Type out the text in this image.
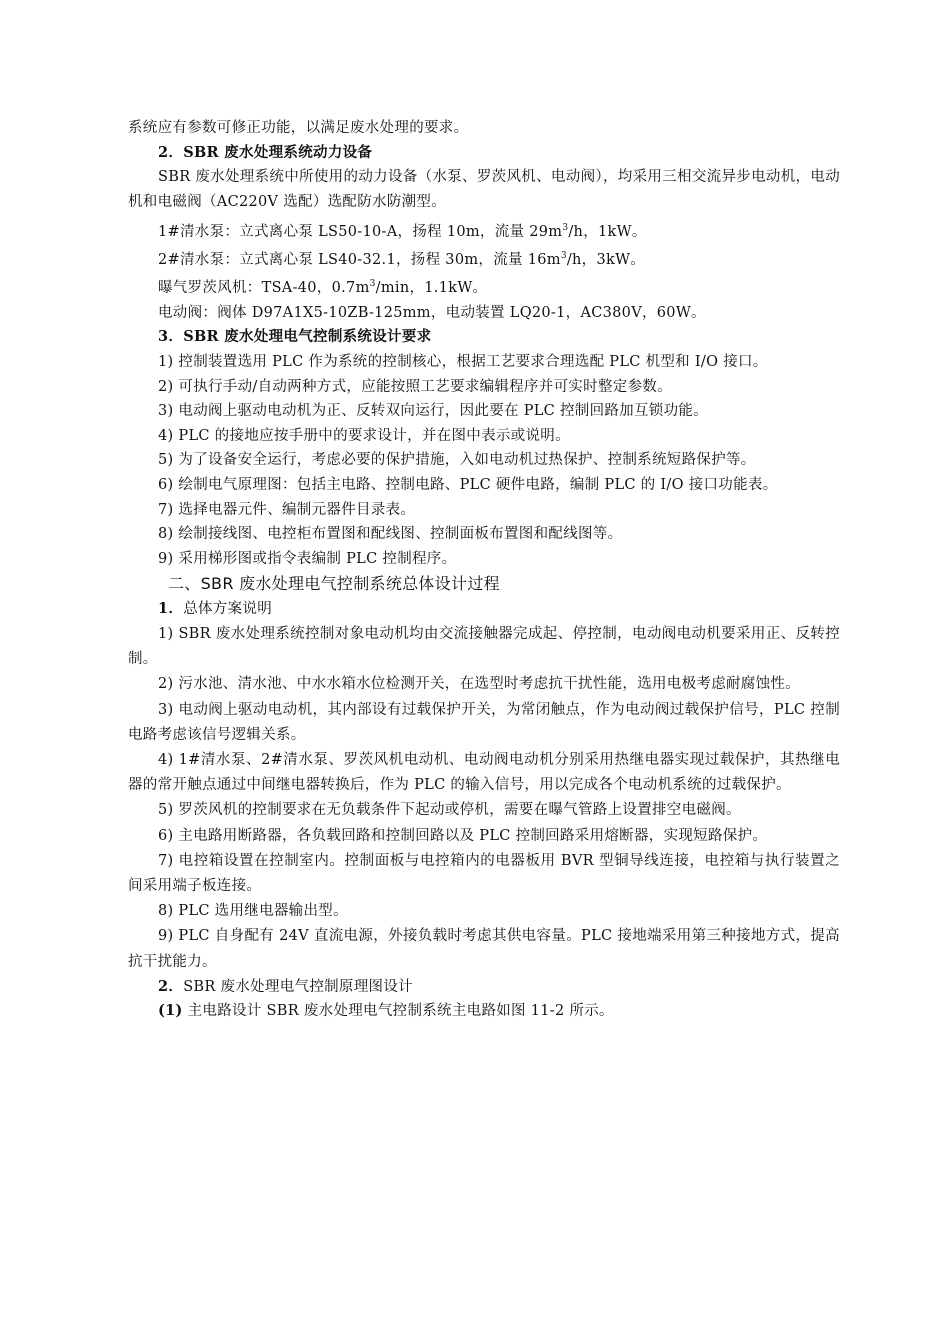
系统应有参数可修正功能，以满足废水处理的要求。
2．SBR 废水处理系统动力设备
SBR 废水处理系统中所使用的动力设备（水泵、罗茨风机、电动阀），均采用三相交流异步电动机，电动机和电磁阀（AC220V 选配）选配防水防潮型。
1#清水泵：立式离心泵 LS50-10-A，扬程 10m，流量 $29m^3/h$，1kW。
2#清水泵：立式离心泵 LS40-32.1，扬程 30m，流量 $16m^3/h$，3kW。
曝气罗茨风机：TSA-40，$0.7m^3/\min$，1.1kW。
电动阀：阀体 D97A1X5-10ZB-125mm，电动装置 LQ20-1，AC380V，60W。
3．SBR 废水处理电气控制系统设计要求
1) 控制装置选用 PLC 作为系统的控制核心，根据工艺要求合理选配 PLC 机型和 I/O 接口。
2) 可执行手动/自动两种方式，应能按照工艺要求编辑程序并可实时整定参数。
3) 电动阀上驱动电动机为正、反转双向运行，因此要在 PLC 控制回路加互锁功能。
4) PLC 的接地应按手册中的要求设计，并在图中表示或说明。
5) 为了设备安全运行，考虑必要的保护措施，入如电动机过热保护、控制系统短路保护等。
6) 绘制电气原理图：包括主电路、控制电路、PLC 硬件电路，编制 PLC 的 I/O 接口功能表。
7) 选择电器元件、编制元器件目录表。
8) 绘制接线图、电控柜布置图和配线图、控制面板布置图和配线图等。
9) 采用梯形图或指令表编制 PLC 控制程序。
二、SBR 废水处理电气控制系统总体设计过程
1．总体方案说明
1) SBR 废水处理系统控制对象电动机均由交流接触器完成起、停控制，电动阀电动机要采用正、反转控制。
2) 污水池、清水池、中水水箱水位检测开关，在选型时考虑抗干扰性能，选用电极考虑耐腐蚀性。
3) 电动阀上驱动电动机，其内部设有过载保护开关，为常闭触点，作为电动阀过载保护信号，PLC 控制电路考虑该信号逻辑关系。
4) 1#清水泵、2#清水泵、罗茨风机电动机、电动阀电动机分别采用热继电器实现过载保护，其热继电器的常开触点通过中间继电器转换后，作为 PLC 的输入信号，用以完成各个电动机系统的过载保护。
5) 罗茨风机的控制要求在无负载条件下起动或停机，需要在曝气管路上设置排空电磁阀。
6) 主电路用断路器，各负载回路和控制回路以及 PLC 控制回路采用熔断器，实现短路保护。
7) 电控箱设置在控制室内。控制面板与电控箱内的电器板用 BVR 型铜导线连接，电控箱与执行装置之间采用端子板连接。
8) PLC 选用继电器输出型。
9) PLC 自身配有 24V 直流电源，外接负载时考虑其供电容量。PLC 接地端采用第三种接地方式，提高抗干扰能力。
2．SBR 废水处理电气控制原理图设计
(1) 主电路设计 SBR 废水处理电气控制系统主电路如图 11-2 所示。
